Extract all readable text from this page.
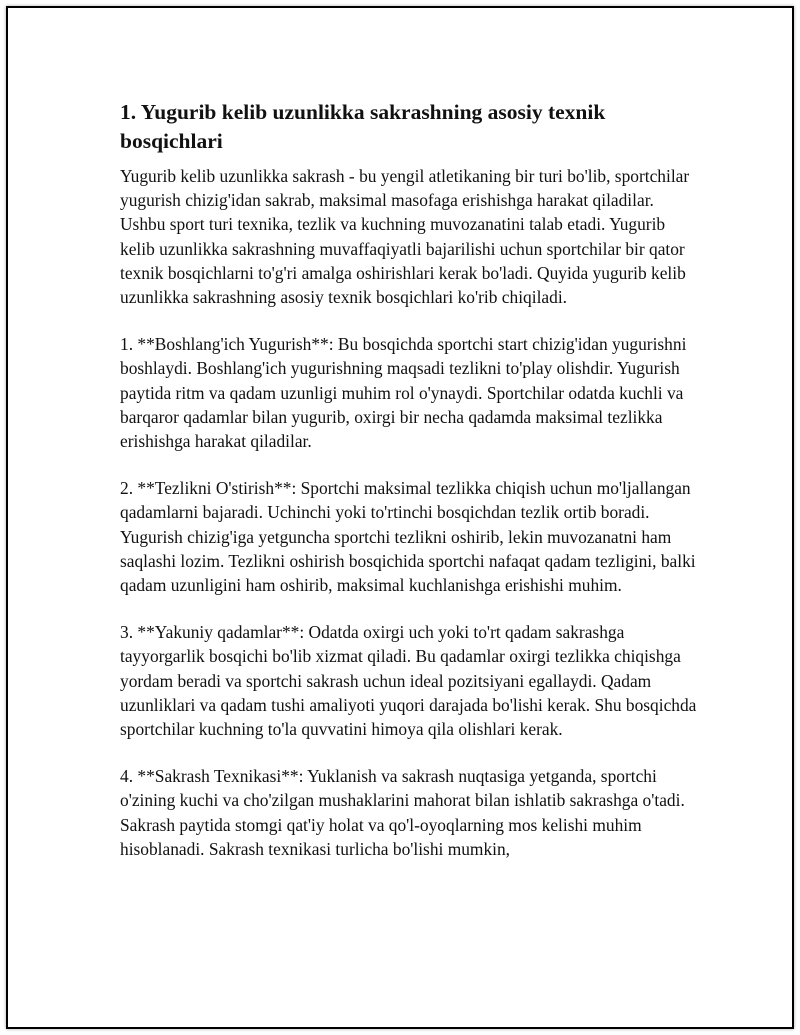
1. Yugurib kelib uzunlikka sakrashning asosiy texnik bosqichlari

Yugurib kelib uzunlikka sakrash - bu yengil atletikaning bir turi bo'lib, sportchilar yugurish chizig'idan sakrab, maksimal masofaga erishishga harakat qiladilar. Ushbu sport turi texnika, tezlik va kuchning muvozanatini talab etadi. Yugurib kelib uzunlikka sakrashning muvaffaqiyatli bajarilishi uchun sportchilar bir qator texnik bosqichlarni to'g'ri amalga oshirishlari kerak bo'ladi. Quyida yugurib kelib uzunlikka sakrashning asosiy texnik bosqichlari ko'rib chiqiladi.

1. **Boshlang'ich Yugurish**: Bu bosqichda sportchi start chizig'idan yugurishni boshlaydi. Boshlang'ich yugurishning maqsadi tezlikni to'play olishdir. Yugurish paytida ritm va qadam uzunligi muhim rol o'ynaydi. Sportchilar odatda kuchli va barqaror qadamlar bilan yugurib, oxirgi bir necha qadamda maksimal tezlikka erishishga harakat qiladilar.

2. **Tezlikni O'stirish**: Sportchi maksimal tezlikka chiqish uchun mo'ljallangan qadamlarni bajaradi. Uchinchi yoki to'rtinchi bosqichdan tezlik ortib boradi. Yugurish chizig'iga yetguncha sportchi tezlikni oshirib, lekin muvozanatni ham saqlashi lozim. Tezlikni oshirish bosqichida sportchi nafaqat qadam tezligini, balki qadam uzunligini ham oshirib, maksimal kuchlanishga erishishi muhim.

3. **Yakuniy qadamlar**: Odatda oxirgi uch yoki to'rt qadam sakrashga tayyorgarlik bosqichi bo'lib xizmat qiladi. Bu qadamlar oxirgi tezlikka chiqishga yordam beradi va sportchi sakrash uchun ideal pozitsiyani egallaydi. Qadam uzunliklari va qadam tushi amaliyoti yuqori darajada bo'lishi kerak. Shu bosqichda sportchilar kuchning to'la quvvatini himoya qila olishlari kerak.

4. **Sakrash Texnikasi**: Yuklanish va sakrash nuqtasiga yetganda, sportchi o'zining kuchi va cho'zilgan mushaklarini mahorat bilan ishlatib sakrashga o'tadi. Sakrash paytida stomgi qat'iy holat va qo'l-oyoqlarning mos kelishi muhim hisoblanadi. Sakrash texnikasi turlicha bo'lishi mumkin,
